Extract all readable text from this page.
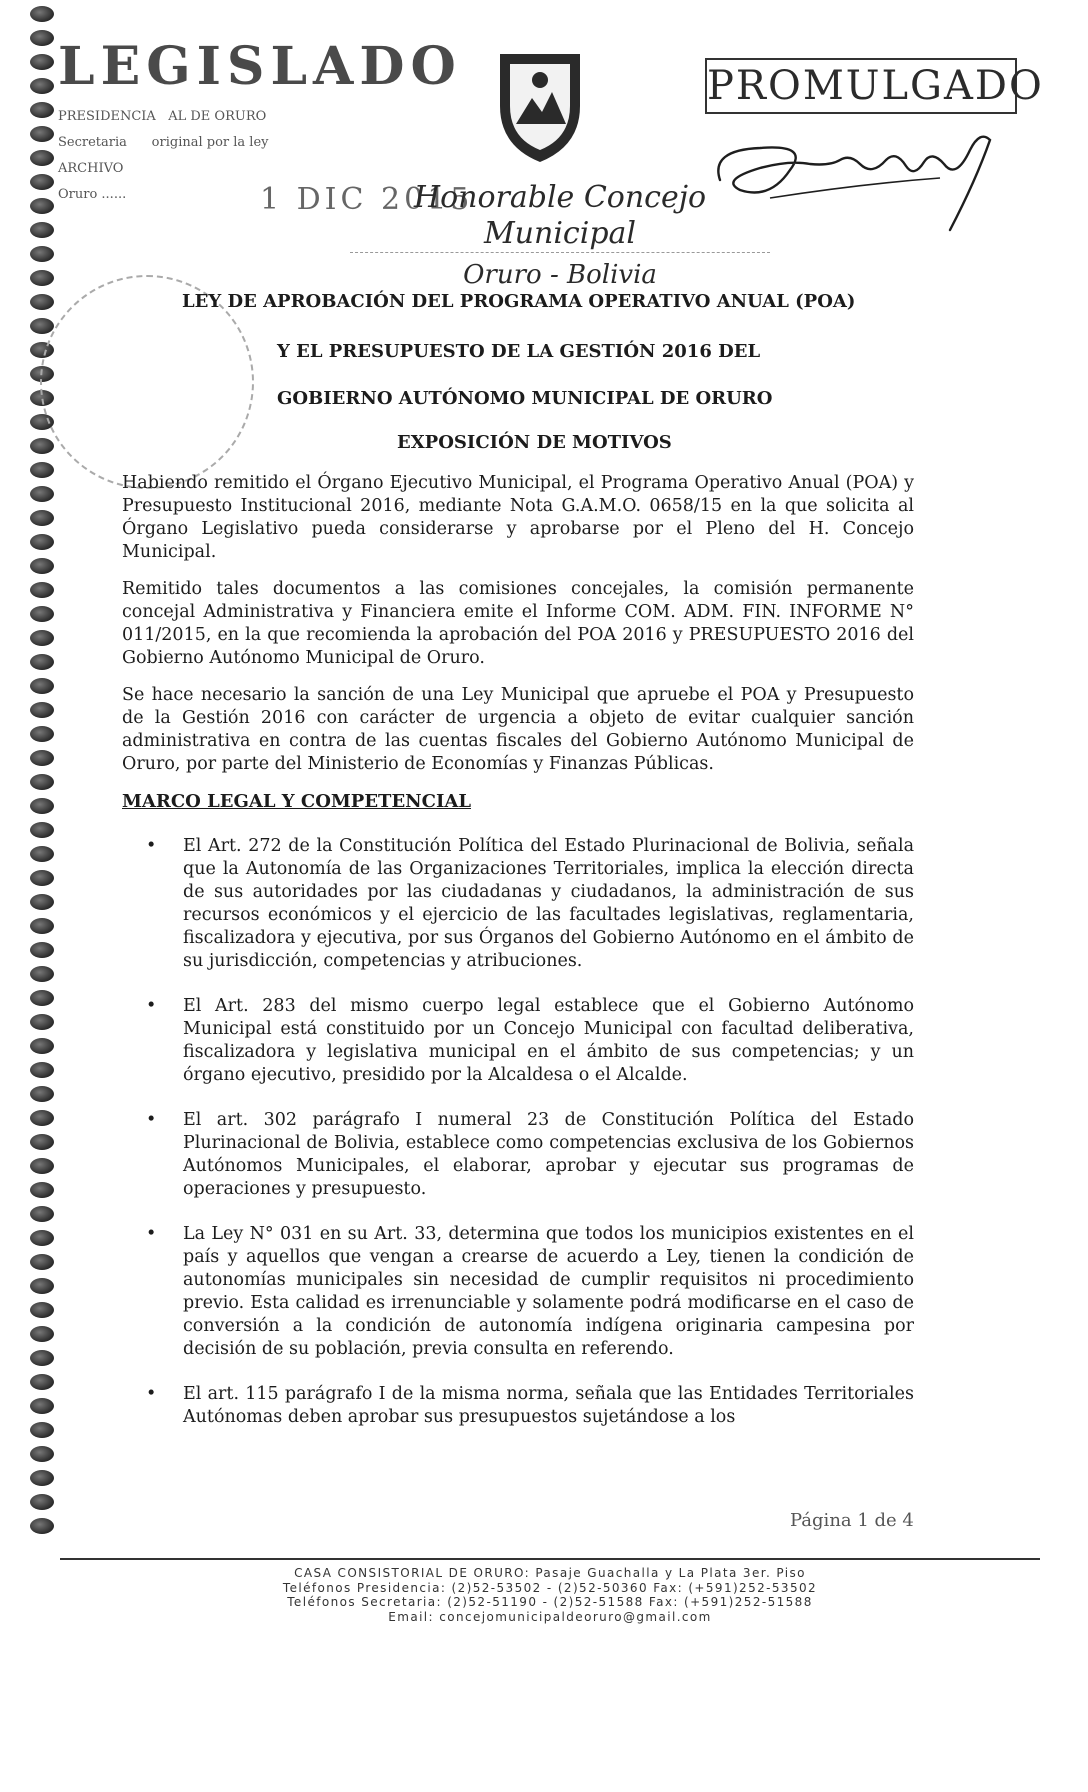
LEGISLADO
PRESIDENCIA   AL DE ORURO
Secretaria      original por la ley
ARCHIVO
Oruro ......	1 DIC 2015
Honorable Concejo Municipal
Oruro - Bolivia
PROMULGADO

LEY DE APROBACIÓN DEL PROGRAMA OPERATIVO ANUAL (POA)

Y EL PRESUPUESTO DE LA GESTIÓN 2016 DEL

GOBIERNO AUTÓNOMO MUNICIPAL DE ORURO

EXPOSICIÓN DE MOTIVOS

Habiendo remitido el Órgano Ejecutivo Municipal, el Programa Operativo Anual (POA) y Presupuesto Institucional 2016, mediante Nota G.A.M.O. 0658/15 en la que solicita al Órgano Legislativo pueda considerarse y aprobarse por el Pleno del H. Concejo Municipal.

Remitido tales documentos a las comisiones concejales, la comisión permanente concejal Administrativa y Financiera emite el Informe COM. ADM. FIN. INFORME N° 011/2015, en la que recomienda la aprobación del POA 2016 y PRESUPUESTO 2016 del Gobierno Autónomo Municipal de Oruro.

Se hace necesario la sanción de una Ley Municipal que apruebe el POA y Presupuesto de la Gestión 2016 con carácter de urgencia a objeto de evitar cualquier sanción administrativa en contra de las cuentas fiscales del Gobierno Autónomo Municipal de Oruro, por parte del Ministerio de Economías y Finanzas Públicas.

MARCO LEGAL Y COMPETENCIAL
• El Art. 272 de la Constitución Política del Estado Plurinacional de Bolivia, señala que la Autonomía de las Organizaciones Territoriales, implica la elección directa de sus autoridades por las ciudadanas y ciudadanos, la administración de sus recursos económicos y el ejercicio de las facultades legislativas, reglamentaria, fiscalizadora y ejecutiva, por sus Órganos del Gobierno Autónomo en el ámbito de su jurisdicción, competencias y atribuciones.
• El Art. 283 del mismo cuerpo legal establece que el Gobierno Autónomo Municipal está constituido por un Concejo Municipal con facultad deliberativa, fiscalizadora y legislativa municipal en el ámbito de sus competencias; y un órgano ejecutivo, presidido por la Alcaldesa o el Alcalde.
• El art. 302 parágrafo I numeral 23 de Constitución Política del Estado Plurinacional de Bolivia, establece como competencias exclusiva de los Gobiernos Autónomos Municipales, el elaborar, aprobar y ejecutar sus programas de operaciones y presupuesto.
• La Ley N° 031 en su Art. 33, determina que todos los municipios existentes en el país y aquellos que vengan a crearse de acuerdo a Ley, tienen la condición de autonomías municipales sin necesidad de cumplir requisitos ni procedimiento previo. Esta calidad es irrenunciable y solamente podrá modificarse en el caso de conversión a la condición de autonomía indígena originaria campesina por decisión de su población, previa consulta en referendo.
• El art. 115 parágrafo I de la misma norma, señala que las Entidades Territoriales Autónomas deben aprobar sus presupuestos sujetándose a los
Página 1 de 4
CASA CONSISTORIAL DE ORURO: Pasaje Guachalla y La Plata 3er. Piso
Teléfonos Presidencia: (2)52-53502 - (2)52-50360 Fax: (+591)252-53502
Teléfonos Secretaria: (2)52-51190 - (2)52-51588 Fax: (+591)252-51588
Email: concejomunicipaldeoruro@gmail.com
